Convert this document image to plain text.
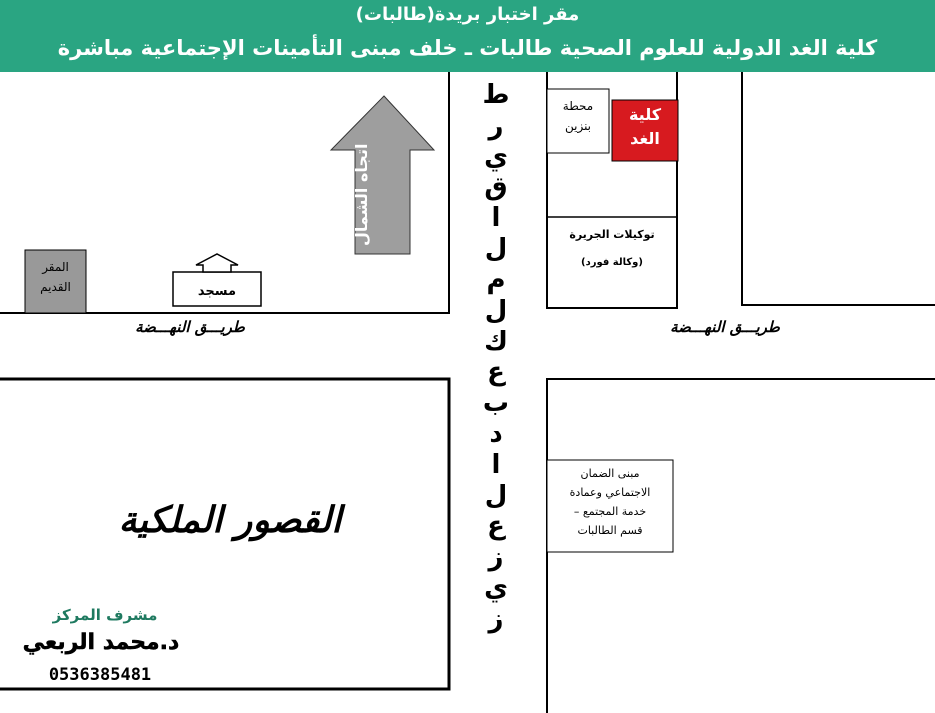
مقر اختبار بريدة(طالبات)
كلية الغد الدولية للعلوم الصحية طالبات ـ خلف مبنى التأمينات الإجتماعية مباشرة
محطة
بنزين
كلية
الغد
توكيلات الجريرة
(وكالة فورد)
المقر
القديم	مسجد
اتجاه الشمال
طريـــق النهـــضة	طريـــق النهـــضة
ط
ر
ي
ق
ا
ل
م
ل
ك
ع
ب
د
ا
ل
ع
ز
ي
ز
مبنى الضمان
الاجتماعي وعمادة
خدمة المجتمع –
قسم الطالبات
القصور الملكية
مشرف المركز
د.محمد الربعي
0536385481
